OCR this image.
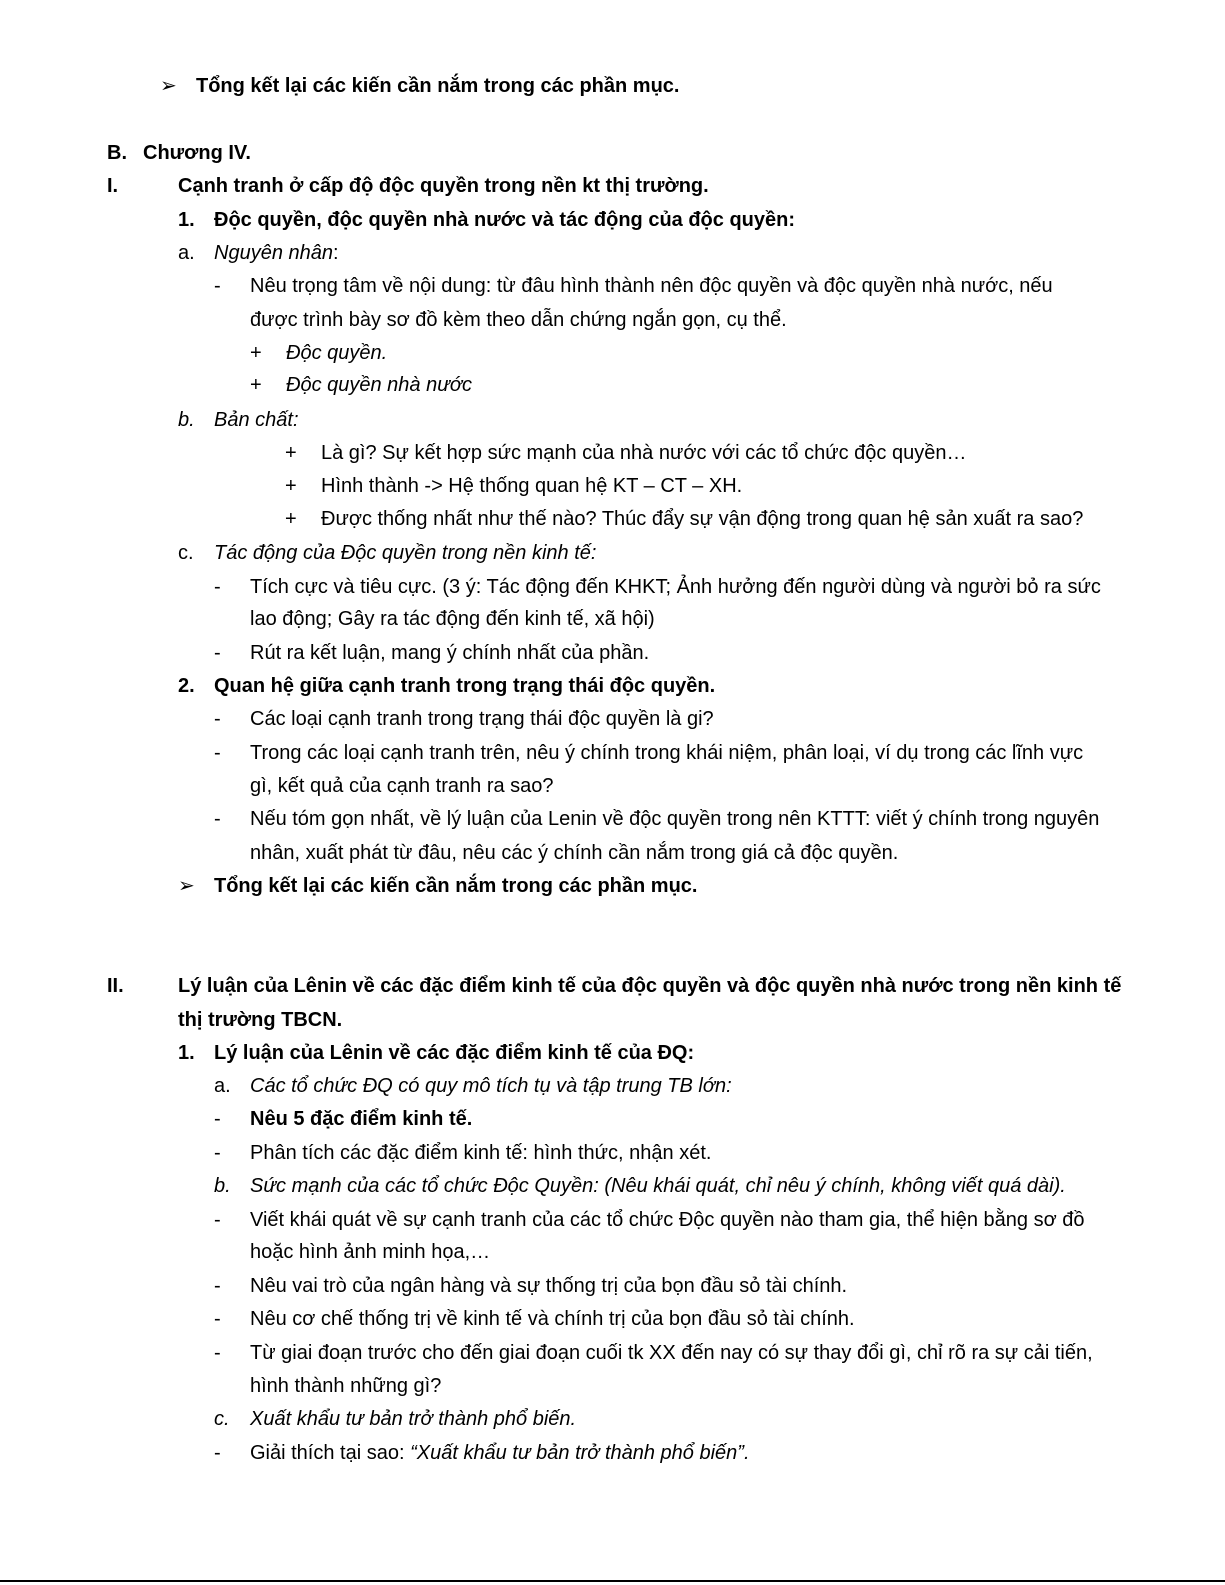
➢ Tổng kết lại các kiến cần nắm trong các phần mục.
B. Chương IV.
I.	Cạnh tranh ở cấp độ độc quyền trong nền kt thị trường.
1. Độc quyền, độc quyền nhà nước và tác động của độc quyền:
a. Nguyên nhân:
- Nêu trọng tâm về nội dung: từ đâu hình thành nên độc quyền và độc quyền nhà nước, nếu
được trình bày sơ đồ kèm theo dẫn chứng ngắn gọn, cụ thể.
+ Độc quyền.
+ Độc quyền nhà nước
b. Bản chất:
+ Là gì? Sự kết hợp sức mạnh của nhà nước với các tổ chức độc quyền…
+ Hình thành -> Hệ thống quan hệ KT – CT – XH.
+ Được thống nhất như thế nào? Thúc đẩy sự vận động trong quan hệ sản xuất ra sao?
c. Tác động của Độc quyền trong nền kinh tế:
- Tích cực và tiêu cực. (3 ý: Tác động đến KHKT; Ảnh hưởng đến người dùng và người bỏ ra sức
lao động; Gây ra tác động đến kinh tế, xã hội)
- Rút ra kết luận, mang ý chính nhất của phần.
2. Quan hệ giữa cạnh tranh trong trạng thái độc quyền.
- Các loại cạnh tranh trong trạng thái độc quyền là gi?
- Trong các loại cạnh tranh trên, nêu ý chính trong khái niệm, phân loại, ví dụ trong các lĩnh vực
gì, kết quả của cạnh tranh ra sao?
- Nếu tóm gọn nhất, về lý luận của Lenin về độc quyền trong nên KTTT: viết ý chính trong nguyên
nhân, xuất phát từ đâu, nêu các ý chính cần nắm trong giá cả độc quyền.
➢ Tổng kết lại các kiến cần nắm trong các phần mục.
II.	Lý luận của Lênin về các đặc điểm kinh tế của độc quyền và độc quyền nhà nước trong nền kinh tế
thị trường TBCN.
1. Lý luận của Lênin về các đặc điểm kinh tế của ĐQ:
a. Các tổ chức ĐQ có quy mô tích tụ và tập trung TB lớn:
- Nêu 5 đặc điểm kinh tế.
- Phân tích các đặc điểm kinh tế: hình thức, nhận xét.
b. Sức mạnh của các tổ chức Độc Quyền: (Nêu khái quát, chỉ nêu ý chính, không viết quá dài).
- Viết khái quát về sự cạnh tranh của các tổ chức Độc quyền nào tham gia, thể hiện bằng sơ đồ
hoặc hình ảnh minh họa,…
- Nêu vai trò của ngân hàng và sự thống trị của bọn đầu sỏ tài chính.
- Nêu cơ chế thống trị về kinh tế và chính trị của bọn đầu sỏ tài chính.
- Từ giai đoạn trước cho đến giai đoạn cuối tk XX đến nay có sự thay đổi gì, chỉ rõ ra sự cải tiến,
hình thành những gì?
c. Xuất khẩu tư bản trở thành phổ biến.
- Giải thích tại sao: “Xuất khẩu tư bản trở thành phổ biến”.
